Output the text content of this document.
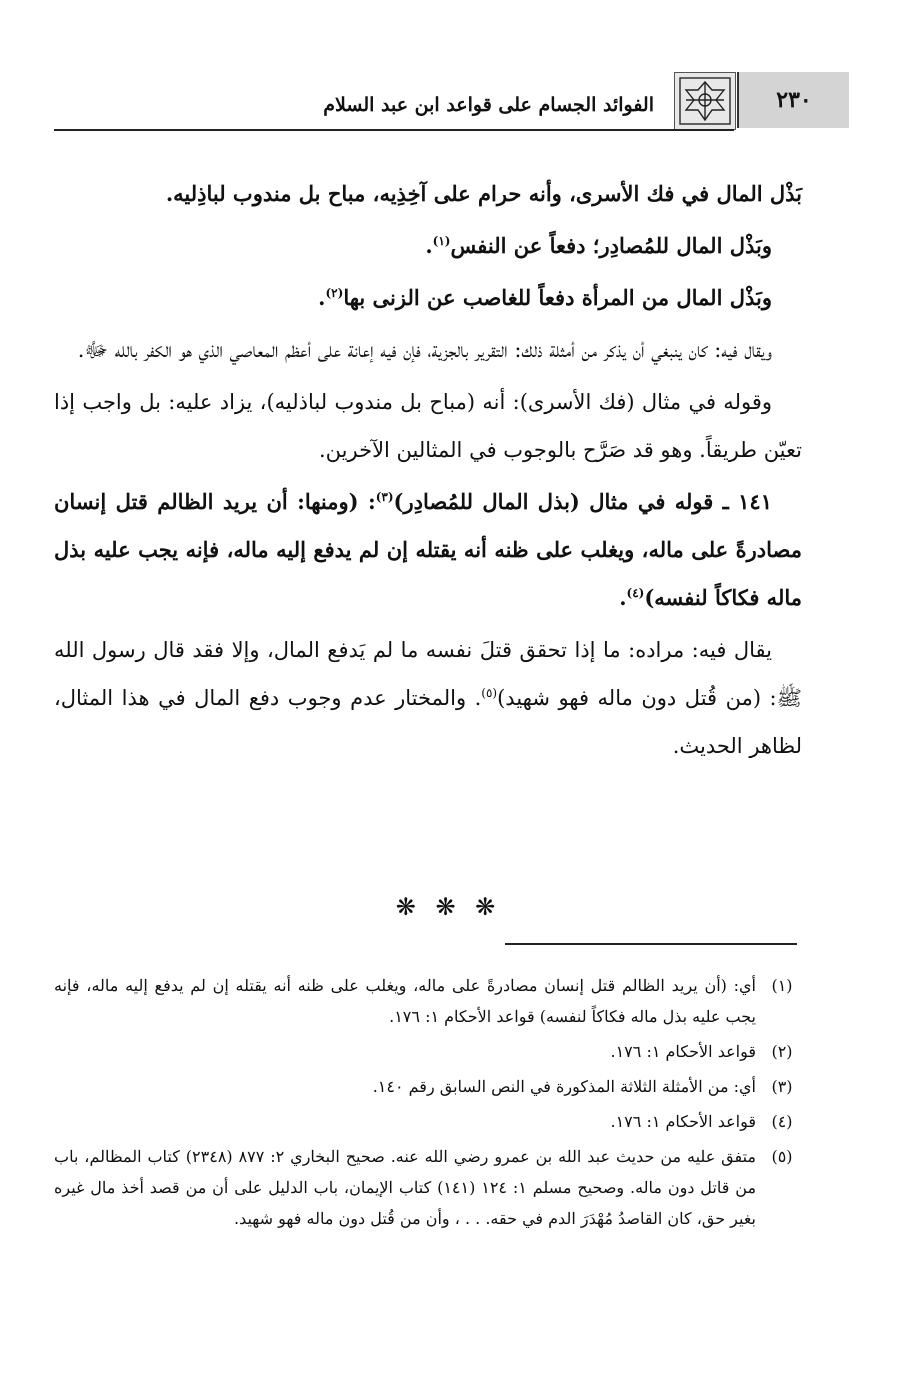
الفوائد الجسام على قواعد ابن عبد السلام	٢٣٠

بَذْل المال في فك الأسرى، وأنه حرام على آخِذِيه، مباح بل مندوب لباذِليه.

وبَذْل المال للمُصادِر؛ دفعاً عن النفس$^{(١)}$.

وبَذْل المال من المرأة دفعاً للغاصب عن الزنى بها$^{(٢)}$.

ويقال فيه: كان ينبغي أن يذكر من أمثلة ذلك: التقرير بالجزية، فإن فيه إعانة على أعظم المعاصي الذي هو الكفر بالله ﷻ.

وقوله في مثال (فك الأسرى): أنه (مباح بل مندوب لباذليه)، يزاد عليه: بل واجب إذا تعيّن طريقاً. وهو قد صَرَّح بالوجوب في المثالين الآخرين.

١٤١ ـ قوله في مثال (بذل المال للمُصادِر)$^{(٣)}$: (ومنها: أن يريد الظالم قتل إنسان مصادرةً على ماله، ويغلب على ظنه أنه يقتله إن لم يدفع إليه ماله، فإنه يجب عليه بذل ماله فكاكاً لنفسه)$^{(٤)}$.

يقال فيه: مراده: ما إذا تحقق قتلَ نفسه ما لم يَدفع المال، وإلا فقد قال رسول الله ﷺ: (من قُتل دون ماله فهو شهيد)$^{(٥)}$. والمختار عدم وجوب دفع المال في هذا المثال، لظاهر الحديث.

❋ ❋ ❋
(١)
أي: (أن يريد الظالم قتل إنسان مصادرةً على ماله، ويغلب على ظنه أنه يقتله إن لم يدفع إليه ماله، فإنه يجب عليه بذل ماله فكاكاً لنفسه) قواعد الأحكام ١: ١٧٦.
(٢)
قواعد الأحكام ١: ١٧٦.
(٣)
أي: من الأمثلة الثلاثة المذكورة في النص السابق رقم ١٤٠.
(٤)
قواعد الأحكام ١: ١٧٦.
(٥)
متفق عليه من حديث عبد الله بن عمرو رضي الله عنه. صحيح البخاري ٢: ٨٧٧ (٢٣٤٨) كتاب المظالم، باب من قاتل دون ماله. وصحيح مسلم ١: ١٢٤ (١٤١) كتاب الإيمان، باب الدليل على أن من قصد أخذ مال غيره بغير حق، كان القاصدُ مُهْدَرَ الدم في حقه. . . ، وأن من قُتل دون ماله فهو شهيد.
